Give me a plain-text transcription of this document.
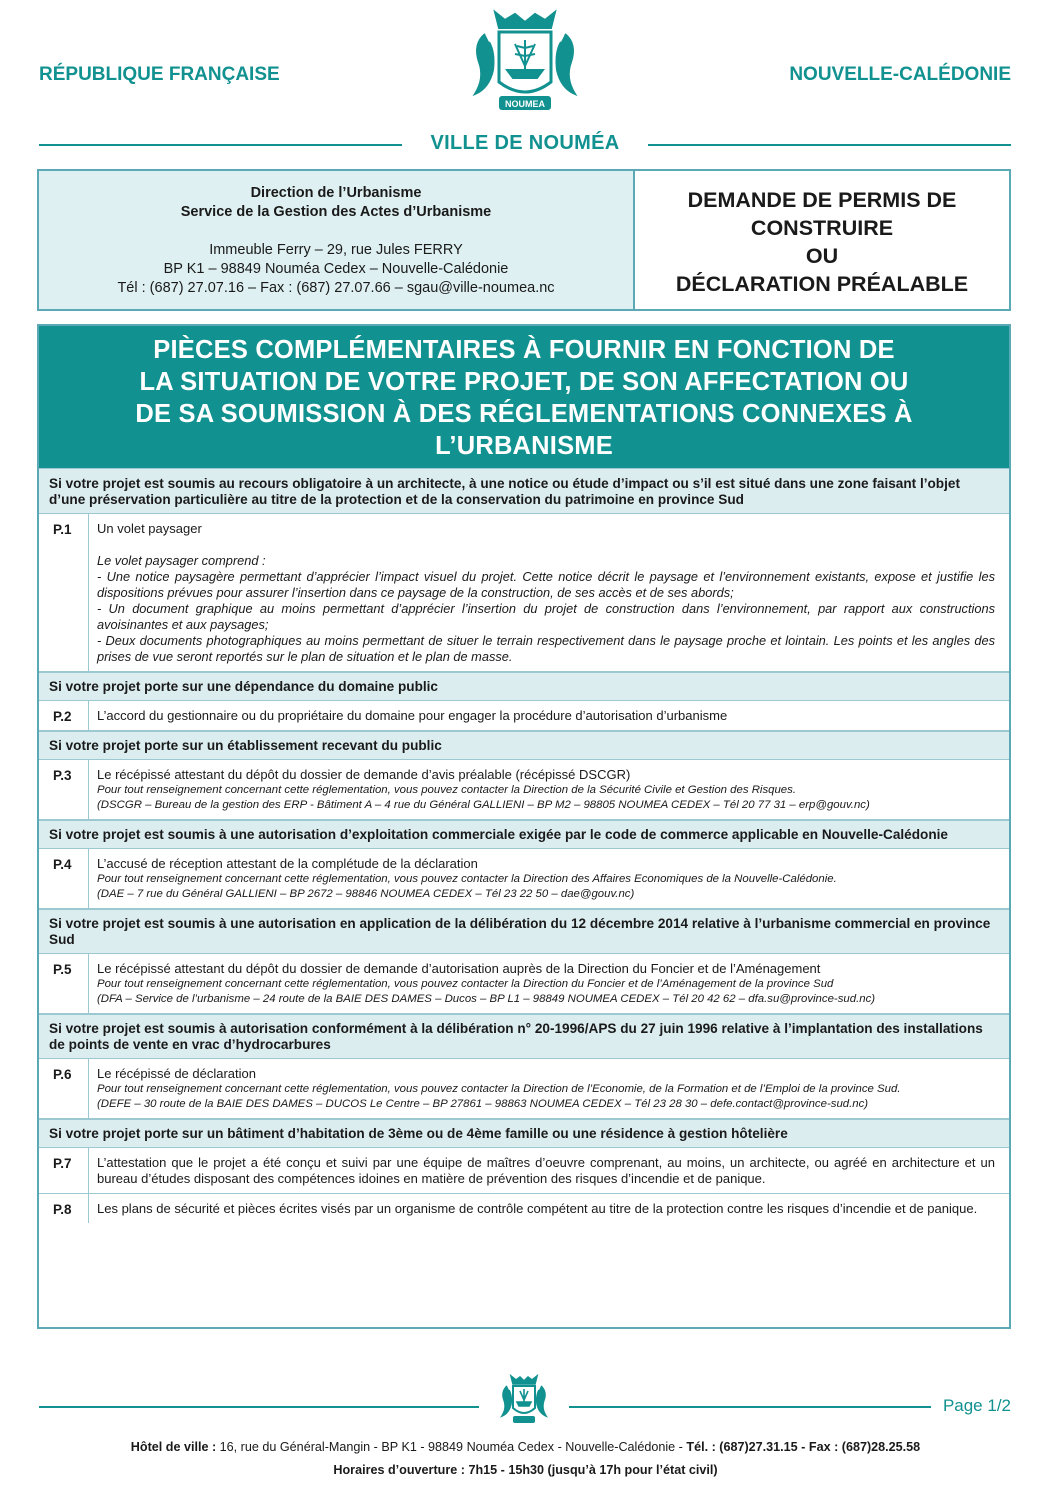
RÉPUBLIQUE FRANÇAISE	NOUVELLE-CALÉDONIE
NOUMEA
VILLE DE NOUMÉA
Direction de l’Urbanisme
Service de la Gestion des Actes d’Urbanisme
Immeuble Ferry – 29, rue Jules FERRY
BP K1 – 98849 Nouméa Cedex – Nouvelle-Calédonie
Tél : (687) 27.07.16 – Fax : (687) 27.07.66 – sgau@ville-noumea.nc
DEMANDE DE PERMIS DE
CONSTRUIRE
OU
DÉCLARATION PRÉALABLE
PIÈCES COMPLÉMENTAIRES À FOURNIR EN FONCTION DE
LA SITUATION DE VOTRE PROJET, DE SON AFFECTATION OU
DE SA SOUMISSION À DES RÉGLEMENTATIONS CONNEXES À
L’URBANISME
Si votre projet est soumis au recours obligatoire à un architecte, à une notice ou étude d’impact ou s’il est situé dans une zone faisant l’objet d’une préservation particulière au titre de la protection et de la conservation du patrimoine en province Sud
P.1	Un volet paysager
Le volet paysager comprend :
- Une notice paysagère permettant d’apprécier l’impact visuel du projet. Cette notice décrit le paysage et l’environnement existants, expose et justifie les dispositions prévues pour assurer l’insertion dans ce paysage de la construction, de ses accès et de ses abords;
- Un document graphique au moins permettant d’apprécier l’insertion du projet de construction dans l’environnement, par rapport aux constructions avoisinantes et aux paysages;
- Deux documents photographiques au moins permettant de situer le terrain respectivement dans le paysage proche et lointain. Les points et les angles des prises de vue seront reportés sur le plan de situation et le plan de masse.
Si votre projet porte sur une dépendance du domaine public
P.2	L’accord du gestionnaire ou du propriétaire du domaine pour engager la procédure d’autorisation d’urbanisme
Si votre projet porte sur un établissement recevant du public
P.3	Le récépissé attestant du dépôt du dossier de demande d’avis préalable (récépissé DSCGR)
Pour tout renseignement concernant cette réglementation, vous pouvez contacter la Direction de la Sécurité Civile et Gestion des Risques.
(DSCGR – Bureau de la gestion des ERP - Bâtiment A – 4 rue du Général GALLIENI – BP M2 – 98805 NOUMEA CEDEX – Tél 20 77 31 – erp@gouv.nc)
Si votre projet est soumis à une autorisation d’exploitation commerciale exigée par le code de commerce applicable en Nouvelle-Calédonie
P.4	L’accusé de réception attestant de la complétude de la déclaration
Pour tout renseignement concernant cette réglementation, vous pouvez contacter la Direction des Affaires Economiques de la Nouvelle-Calédonie.
(DAE – 7 rue du Général GALLIENI – BP 2672 – 98846 NOUMEA CEDEX – Tél 23 22 50 – dae@gouv.nc)
Si votre projet est soumis à une autorisation en application de la délibération du 12 décembre 2014 relative à l’urbanisme commercial en province Sud
P.5	Le récépissé attestant du dépôt du dossier de demande d’autorisation auprès de la Direction du Foncier et de l’Aménagement
Pour tout renseignement concernant cette réglementation, vous pouvez contacter la Direction du Foncier et de l’Aménagement de la province Sud
(DFA – Service de l’urbanisme – 24 route de la BAIE DES DAMES – Ducos – BP L1 – 98849 NOUMEA CEDEX – Tél 20 42 62 – dfa.su@province-sud.nc)
Si votre projet est soumis à autorisation conformément à la délibération n° 20-1996/APS du 27 juin 1996 relative à l’implantation des installations de points de vente en vrac d’hydrocarbures
P.6	Le récépissé de déclaration
Pour tout renseignement concernant cette réglementation, vous pouvez contacter la Direction de l’Economie, de la Formation et de l’Emploi de la province Sud.
(DEFE – 30 route de la BAIE DES DAMES – DUCOS Le Centre – BP 27861 – 98863 NOUMEA CEDEX – Tél 23 28 30 – defe.contact@province-sud.nc)
Si votre projet porte sur un bâtiment d’habitation de 3ème ou de 4ème famille ou une résidence à gestion hôtelière
P.7	L’attestation que le projet a été conçu et suivi par une équipe de maîtres d’oeuvre comprenant, au moins, un architecte, ou agréé en architecture et un bureau d’études disposant des compétences idoines en matière de prévention des risques d’incendie et de panique.
P.8	Les plans de sécurité et pièces écrites visés par un organisme de contrôle compétent au titre de la protection contre les risques d’incendie et de panique.
Page 1/2
Hôtel de ville : 16, rue du Général-Mangin - BP K1 - 98849 Nouméa Cedex - Nouvelle-Calédonie - Tél. : (687)27.31.15 - Fax : (687)28.25.58
Horaires d’ouverture : 7h15 - 15h30 (jusqu’à 17h pour l’état civil)
